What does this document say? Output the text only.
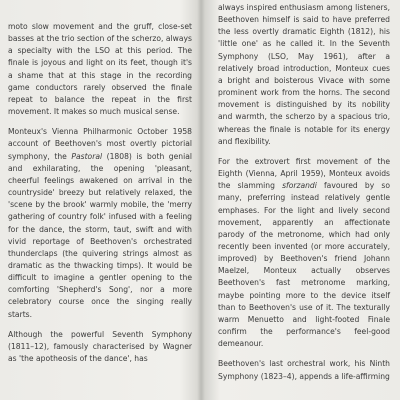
moto slow movement and the gruff, close-set basses at the trio section of the scherzo, always a specialty with the LSO at this period. The finale is joyous and light on its feet, though it's a shame that at this stage in the recording game conductors rarely observed the finale repeat to balance the repeat in the first movement. It makes so much musical sense.

Monteux's Vienna Philharmonic October 1958 account of Beethoven's most overtly pictorial symphony, the Pastoral (1808) is both genial and exhilarating, the opening 'pleasant, cheerful feelings awakened on arrival in the countryside' breezy but relatively relaxed, the 'scene by the brook' warmly mobile, the 'merry gathering of country folk' infused with a feeling for the dance, the storm, taut, swift and with vivid reportage of Beethoven's orchestrated thunderclaps (the quivering strings almost as dramatic as the thwacking timps). It would be difficult to imagine a gentler opening to the comforting 'Shepherd's Song', nor a more celebratory course once the singing really starts.

Although the powerful Seventh Symphony (1811–12), famously characterised by Wagner as 'the apotheosis of the dance', has

always inspired enthusiasm among listeners, Beethoven himself is said to have preferred the less overtly dramatic Eighth (1812), his 'little one' as he called it. In the Seventh Symphony (LSO, May 1961), after a relatively broad introduction, Monteux cues a bright and boisterous Vivace with some prominent work from the horns. The second movement is distinguished by its nobility and warmth, the scherzo by a spacious trio, whereas the finale is notable for its energy and flexibility.

For the extrovert first movement of the Eighth (Vienna, April 1959), Monteux avoids the slamming sforzandi favoured by so many, preferring instead relatively gentle emphases. For the light and lively second movement, apparently an affectionate parody of the metronome, which had only recently been invented (or more accurately, improved) by Beethoven's friend Johann Maelzel, Monteux actually observes Beethoven's fast metronome marking, maybe pointing more to the device itself than to Beethoven's use of it. The texturally warm Menuetto and light-footed Finale confirm the performance's feel-good demeanour.

Beethoven's last orchestral work, his Ninth Symphony (1823–4), appends a life-affirming
